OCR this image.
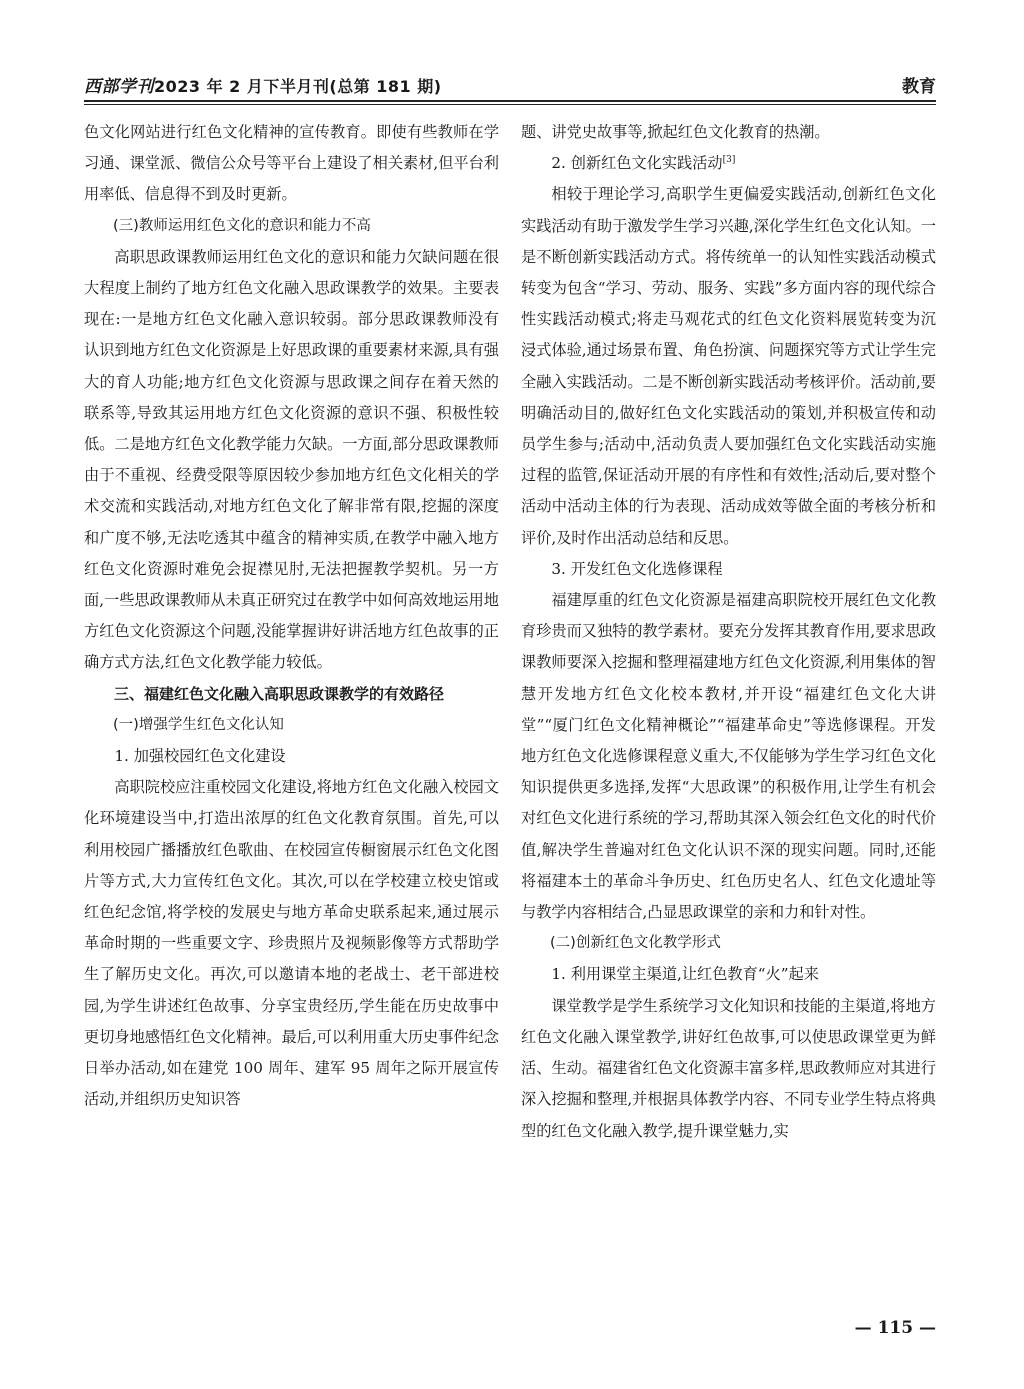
西部学刊2023 年 2 月下半月刊(总第 181 期)	教育

色文化网站进行红色文化精神的宣传教育。即使有些教师在学习通、课堂派、微信公众号等平台上建设了相关素材,但平台利用率低、信息得不到及时更新。

(三)教师运用红色文化的意识和能力不高

高职思政课教师运用红色文化的意识和能力欠缺问题在很大程度上制约了地方红色文化融入思政课教学的效果。主要表现在:一是地方红色文化融入意识较弱。部分思政课教师没有认识到地方红色文化资源是上好思政课的重要素材来源,具有强大的育人功能;地方红色文化资源与思政课之间存在着天然的联系等,导致其运用地方红色文化资源的意识不强、积极性较低。二是地方红色文化教学能力欠缺。一方面,部分思政课教师由于不重视、经费受限等原因较少参加地方红色文化相关的学术交流和实践活动,对地方红色文化了解非常有限,挖掘的深度和广度不够,无法吃透其中蕴含的精神实质,在教学中融入地方红色文化资源时难免会捉襟见肘,无法把握教学契机。另一方面,一些思政课教师从未真正研究过在教学中如何高效地运用地方红色文化资源这个问题,没能掌握讲好讲活地方红色故事的正确方式方法,红色文化教学能力较低。

三、福建红色文化融入高职思政课教学的有效路径

(一)增强学生红色文化认知

1. 加强校园红色文化建设

高职院校应注重校园文化建设,将地方红色文化融入校园文化环境建设当中,打造出浓厚的红色文化教育氛围。首先,可以利用校园广播播放红色歌曲、在校园宣传橱窗展示红色文化图片等方式,大力宣传红色文化。其次,可以在学校建立校史馆或红色纪念馆,将学校的发展史与地方革命史联系起来,通过展示革命时期的一些重要文字、珍贵照片及视频影像等方式帮助学生了解历史文化。再次,可以邀请本地的老战士、老干部进校园,为学生讲述红色故事、分享宝贵经历,学生能在历史故事中更切身地感悟红色文化精神。最后,可以利用重大历史事件纪念日举办活动,如在建党 100 周年、建军 95 周年之际开展宣传活动,并组织历史知识答

题、讲党史故事等,掀起红色文化教育的热潮。

2. 创新红色文化实践活动[3]

相较于理论学习,高职学生更偏爱实践活动,创新红色文化实践活动有助于激发学生学习兴趣,深化学生红色文化认知。一是不断创新实践活动方式。将传统单一的认知性实践活动模式转变为包含“学习、劳动、服务、实践”多方面内容的现代综合性实践活动模式;将走马观花式的红色文化资料展览转变为沉浸式体验,通过场景布置、角色扮演、问题探究等方式让学生完全融入实践活动。二是不断创新实践活动考核评价。活动前,要明确活动目的,做好红色文化实践活动的策划,并积极宣传和动员学生参与;活动中,活动负责人要加强红色文化实践活动实施过程的监管,保证活动开展的有序性和有效性;活动后,要对整个活动中活动主体的行为表现、活动成效等做全面的考核分析和评价,及时作出活动总结和反思。

3. 开发红色文化选修课程

福建厚重的红色文化资源是福建高职院校开展红色文化教育珍贵而又独特的教学素材。要充分发挥其教育作用,要求思政课教师要深入挖掘和整理福建地方红色文化资源,利用集体的智慧开发地方红色文化校本教材,并开设“福建红色文化大讲堂”“厦门红色文化精神概论”“福建革命史”等选修课程。开发地方红色文化选修课程意义重大,不仅能够为学生学习红色文化知识提供更多选择,发挥“大思政课”的积极作用,让学生有机会对红色文化进行系统的学习,帮助其深入领会红色文化的时代价值,解决学生普遍对红色文化认识不深的现实问题。同时,还能将福建本土的革命斗争历史、红色历史名人、红色文化遗址等与教学内容相结合,凸显思政课堂的亲和力和针对性。

(二)创新红色文化教学形式

1. 利用课堂主渠道,让红色教育“火”起来

课堂教学是学生系统学习文化知识和技能的主渠道,将地方红色文化融入课堂教学,讲好红色故事,可以使思政课堂更为鲜活、生动。福建省红色文化资源丰富多样,思政教师应对其进行深入挖掘和整理,并根据具体教学内容、不同专业学生特点将典型的红色文化融入教学,提升课堂魅力,实

— 115 —
